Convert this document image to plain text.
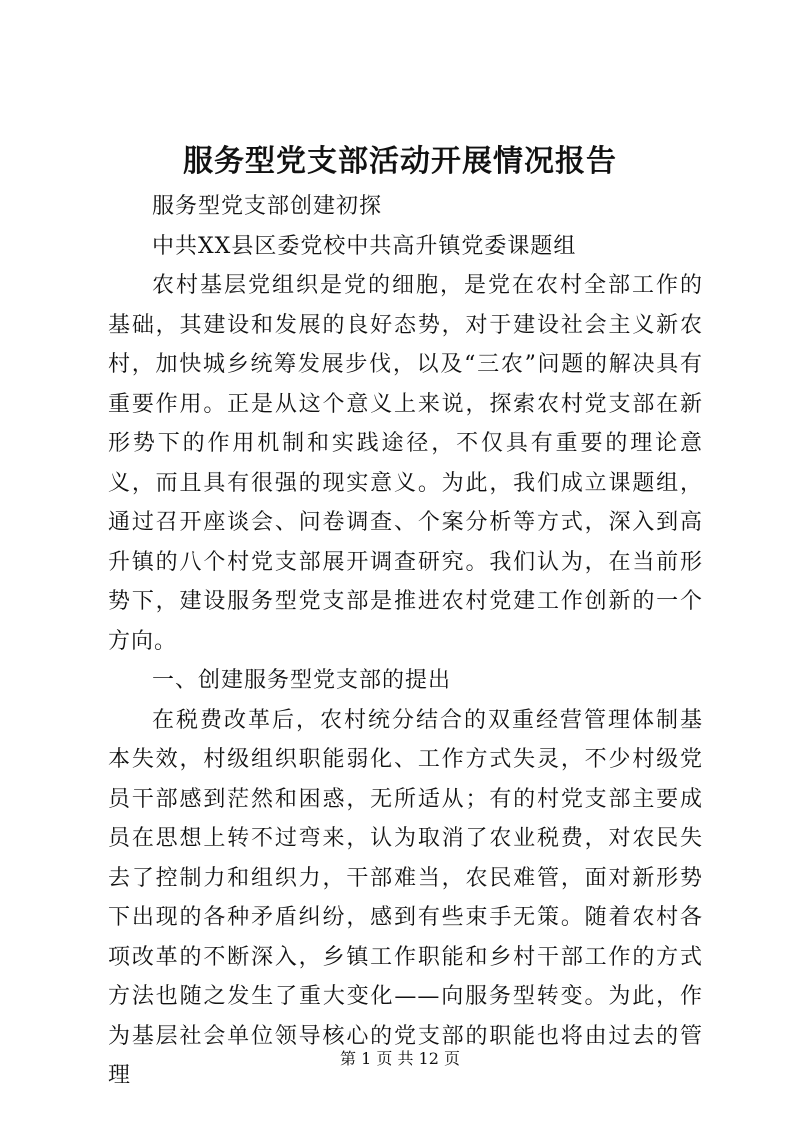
服务型党支部活动开展情况报告

服务型党支部创建初探

中共XX县区委党校中共高升镇党委课题组

农村基层党组织是党的细胞，是党在农村全部工作的基础，其建设和发展的良好态势，对于建设社会主义新农村，加快城乡统筹发展步伐，以及“三农”问题的解决具有重要作用。正是从这个意义上来说，探索农村党支部在新形势下的作用机制和实践途径，不仅具有重要的理论意义，而且具有很强的现实意义。为此，我们成立课题组，通过召开座谈会、问卷调查、个案分析等方式，深入到高升镇的八个村党支部展开调查研究。我们认为，在当前形势下，建设服务型党支部是推进农村党建工作创新的一个方向。

一、创建服务型党支部的提出

在税费改革后，农村统分结合的双重经营管理体制基本失效，村级组织职能弱化、工作方式失灵，不少村级党员干部感到茫然和困惑，无所适从；有的村党支部主要成员在思想上转不过弯来，认为取消了农业税费，对农民失去了控制力和组织力，干部难当，农民难管，面对新形势下出现的各种矛盾纠纷，感到有些束手无策。随着农村各项改革的不断深入，乡镇工作职能和乡村干部工作的方式方法也随之发生了重大变化——向服务型转变。为此，作为基层社会单位领导核心的党支部的职能也将由过去的管理

第 1 页 共 12 页
